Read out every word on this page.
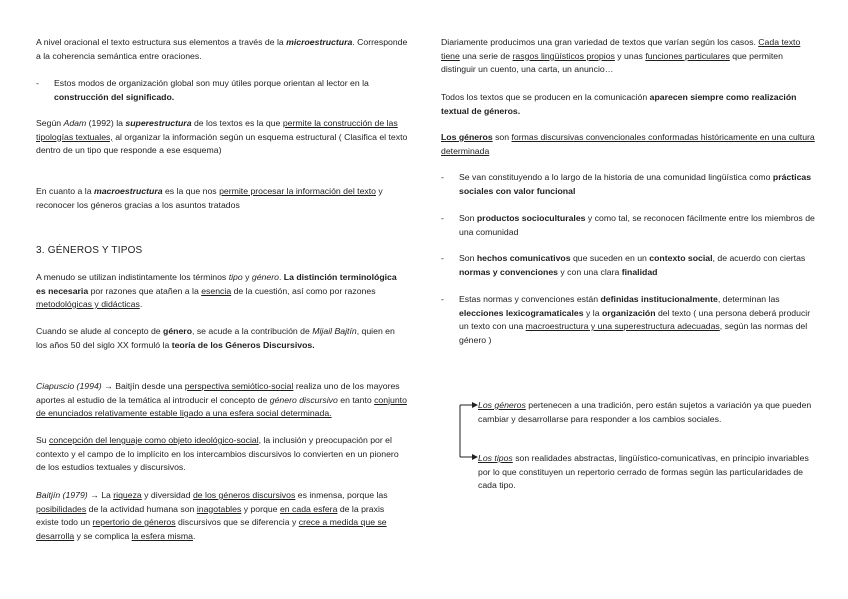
A nivel oracional el texto estructura sus elementos a través de la microestructura. Corresponde a la coherencia semántica entre oraciones.
- Estos modos de organización global son muy útiles porque orientan al lector en la construcción del significado.
Según Adam (1992) la superestructura de los textos es la que permite la construcción de las tipologías textuales, al organizar la información según un esquema estructural ( Clasifica el texto dentro de un tipo que responde a ese esquema)
En cuanto a la macroestructura es la que nos permite procesar la información del texto y reconocer los géneros gracias a los asuntos tratados
3. GÉNEROS Y TIPOS
A menudo se utilizan indistintamente los términos tipo y género. La distinción terminológica es necesaria por razones que atañen a la esencia de la cuestión, así como por razones metodológicas y didácticas.
Cuando se alude al concepto de género, se acude a la contribución de Mijail Bajtín, quien en los años 50 del siglo XX formuló la teoría de los Géneros Discursivos.
Ciapuscio (1994) → Baitjín desde una perspectiva semiótico-social realiza uno de los mayores aportes al estudio de la temática al introducir el concepto de género discursivo en tanto conjunto de enunciados relativamente estable ligado a una esfera social determinada.
Su concepción del lenguaje como objeto ideológico-social, la inclusión y preocupación por el contexto y el campo de lo implícito en los intercambios discursivos lo convierten en un pionero de los estudios textuales y discursivos.
Baitjín (1979) → La riqueza y diversidad de los géneros discursivos es inmensa, porque las posibilidades de la actividad humana son inagotables y porque en cada esfera de la praxis existe todo un repertorio de géneros discursivos que se diferencia y crece a medida que se desarrolla y se complica la esfera misma.
Diariamente producimos una gran variedad de textos que varían según los casos. Cada texto tiene una serie de rasgos lingüísticos propios y unas funciones particulares que permiten distinguir un cuento, una carta, un anuncio…
Todos los textos que se producen en la comunicación aparecen siempre como realización textual de géneros.
Los géneros son formas discursivas convencionales conformadas históricamente en una cultura determinada
- Se van constituyendo a lo largo de la historia de una comunidad lingüística como prácticas sociales con valor funcional
- Son productos socioculturales y como tal, se reconocen fácilmente entre los miembros de una comunidad
- Son hechos comunicativos que suceden en un contexto social, de acuerdo con ciertas normas y convenciones y con una clara finalidad
- Estas normas y convenciones están definidas institucionalmente, determinan las elecciones lexicogramaticales y la organización del texto ( una persona deberá producir un texto con una macroestructura y una superestructura adecuadas, según las normas del género )
Los géneros pertenecen a una tradición, pero están sujetos a variación ya que pueden cambiar y desarrollarse para responder a los cambios sociales.
Los tipos son realidades abstractas, lingüístico-comunicativas, en principio invariables por lo que constituyen un repertorio cerrado de formas según las particularidades de cada tipo.
